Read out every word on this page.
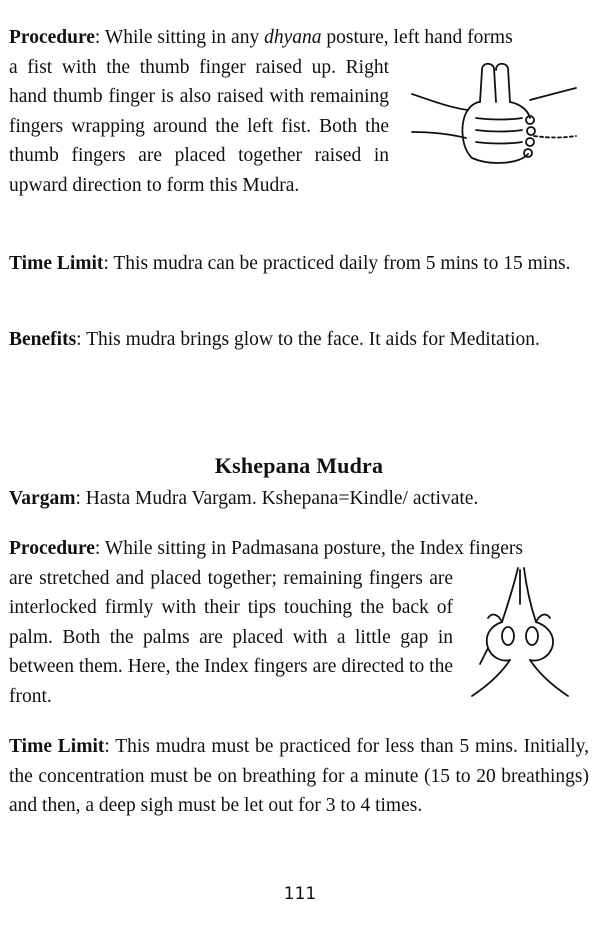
Procedure: While sitting in any dhyana posture, left hand forms

a fist with the thumb finger raised up. Right hand thumb finger is also raised with remaining fingers wrapping around the left fist. Both the thumb fingers are placed together raised in upward direction to form this Mudra.

Time Limit: This mudra can be practiced daily from 5 mins to 15 mins.

Benefits: This mudra brings glow to the face. It aids for Meditation.

Kshepana Mudra

Vargam: Hasta Mudra Vargam. Kshepana=Kindle/ activate.

Procedure: While sitting in Padmasana posture, the Index fingers

are stretched and placed together; remaining fingers are interlocked firmly with their tips touching the back of palm. Both the palms are placed with a little gap in between them. Here, the Index fingers are directed to the front.

Time Limit: This mudra must be practiced for less than 5 mins. Initially, the concentration must be on breathing for a minute (15 to 20 breathings) and then, a deep sigh must be let out for 3 to 4 times.

111
